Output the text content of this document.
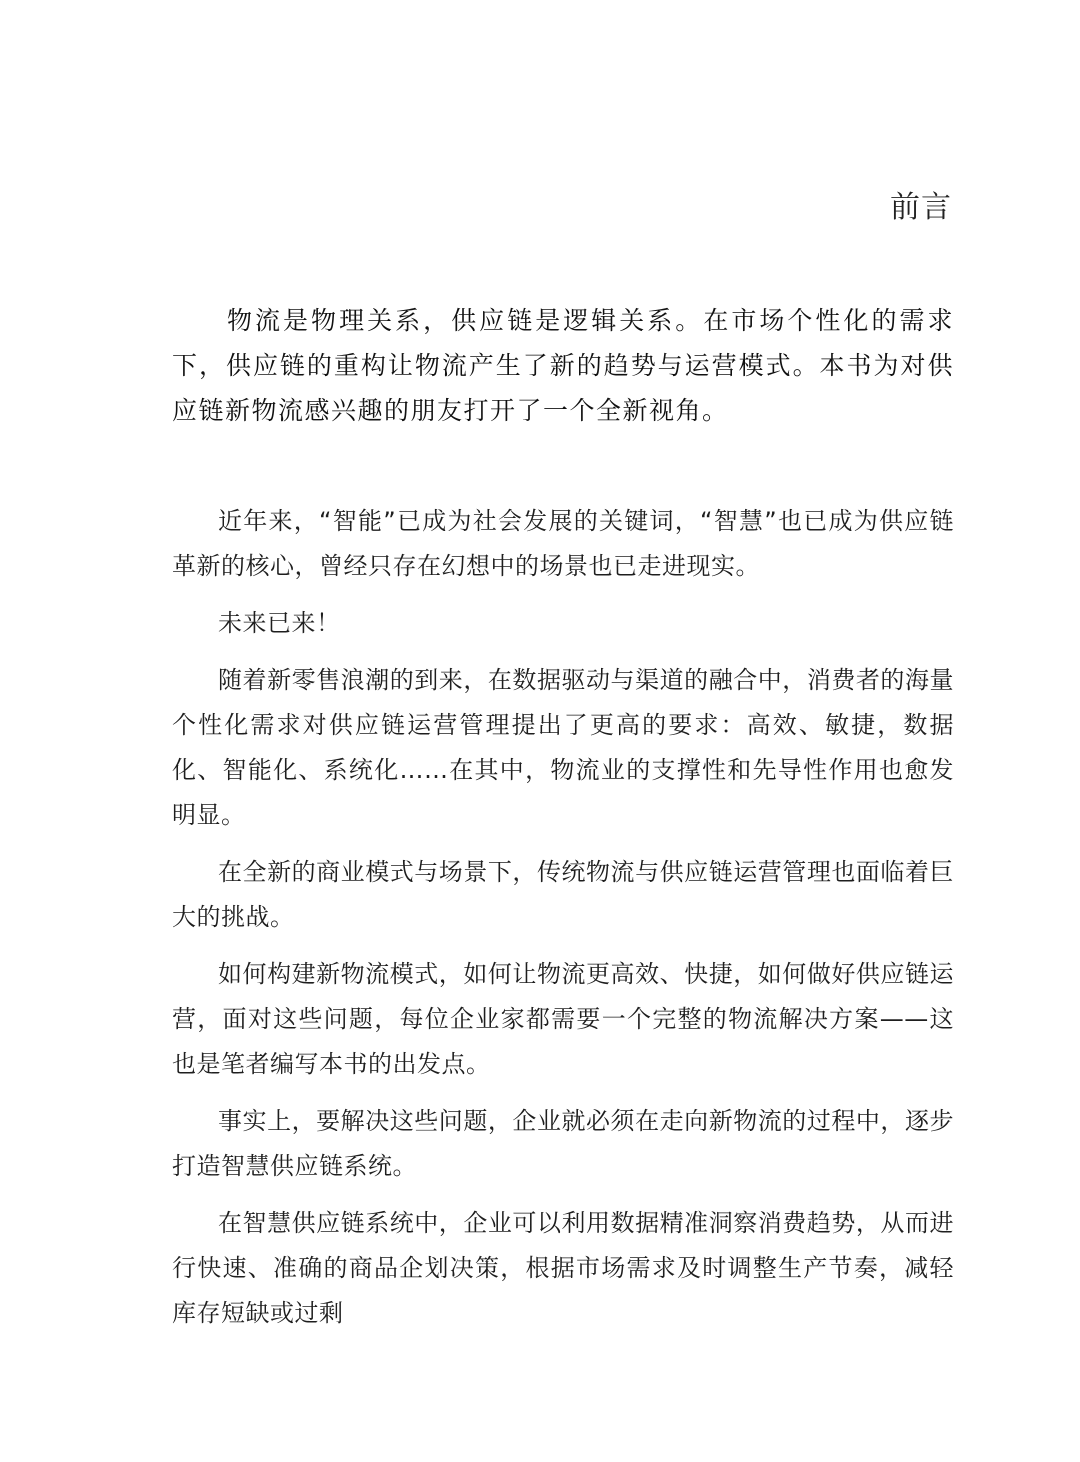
前言

物流是物理关系，供应链是逻辑关系。在市场个性化的需求下，供应链的重构让物流产生了新的趋势与运营模式。本书为对供应链新物流感兴趣的朋友打开了一个全新视角。

近年来，“智能”已成为社会发展的关键词，“智慧”也已成为供应链革新的核心，曾经只存在幻想中的场景也已走进现实。

未来已来！

随着新零售浪潮的到来，在数据驱动与渠道的融合中，消费者的海量个性化需求对供应链运营管理提出了更高的要求：高效、敏捷，数据化、智能化、系统化……在其中，物流业的支撑性和先导性作用也愈发明显。

在全新的商业模式与场景下，传统物流与供应链运营管理也面临着巨大的挑战。

如何构建新物流模式，如何让物流更高效、快捷，如何做好供应链运营，面对这些问题，每位企业家都需要一个完整的物流解决方案——这也是笔者编写本书的出发点。

事实上，要解决这些问题，企业就必须在走向新物流的过程中，逐步打造智慧供应链系统。

在智慧供应链系统中，企业可以利用数据精准洞察消费趋势，从而进行快速、准确的商品企划决策，根据市场需求及时调整生产节奏，减轻库存短缺或过剩
